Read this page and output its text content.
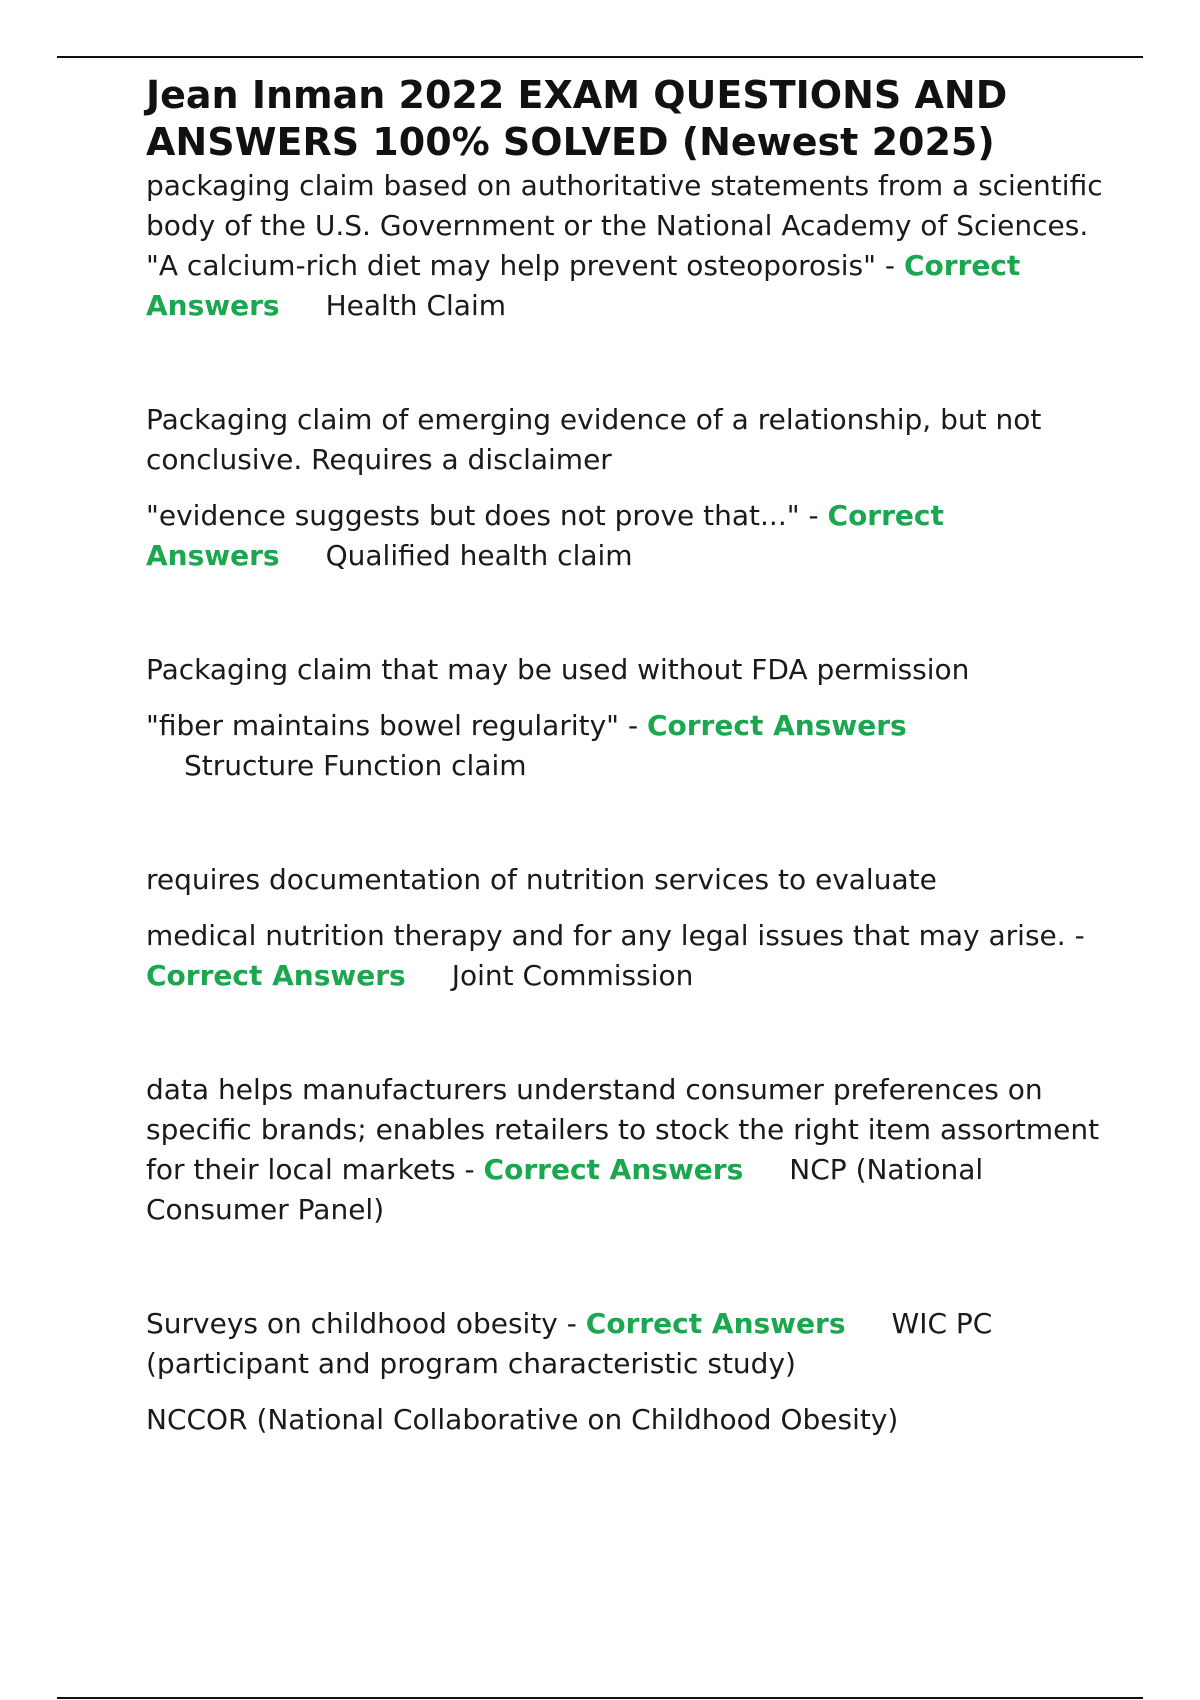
Jean Inman 2022 EXAM QUESTIONS AND ANSWERS 100% SOLVED (Newest 2025)

packaging claim based on authoritative statements from a scientific body of the U.S. Government or the National Academy of Sciences. "A calcium-rich diet may help prevent osteoporosis" - Correct Answers Health Claim

Packaging claim of emerging evidence of a relationship, but not conclusive. Requires a disclaimer

"evidence suggests but does not prove that..." - Correct Answers Qualified health claim

Packaging claim that may be used without FDA permission

"fiber maintains bowel regularity" - Correct Answers

Structure Function claim

requires documentation of nutrition services to evaluate

medical nutrition therapy and for any legal issues that may arise. - Correct Answers Joint Commission

data helps manufacturers understand consumer preferences on specific brands; enables retailers to stock the right item assortment for their local markets - Correct Answers NCP (National Consumer Panel)

Surveys on childhood obesity - Correct Answers WIC PC (participant and program characteristic study)

NCCOR (National Collaborative on Childhood Obesity)
